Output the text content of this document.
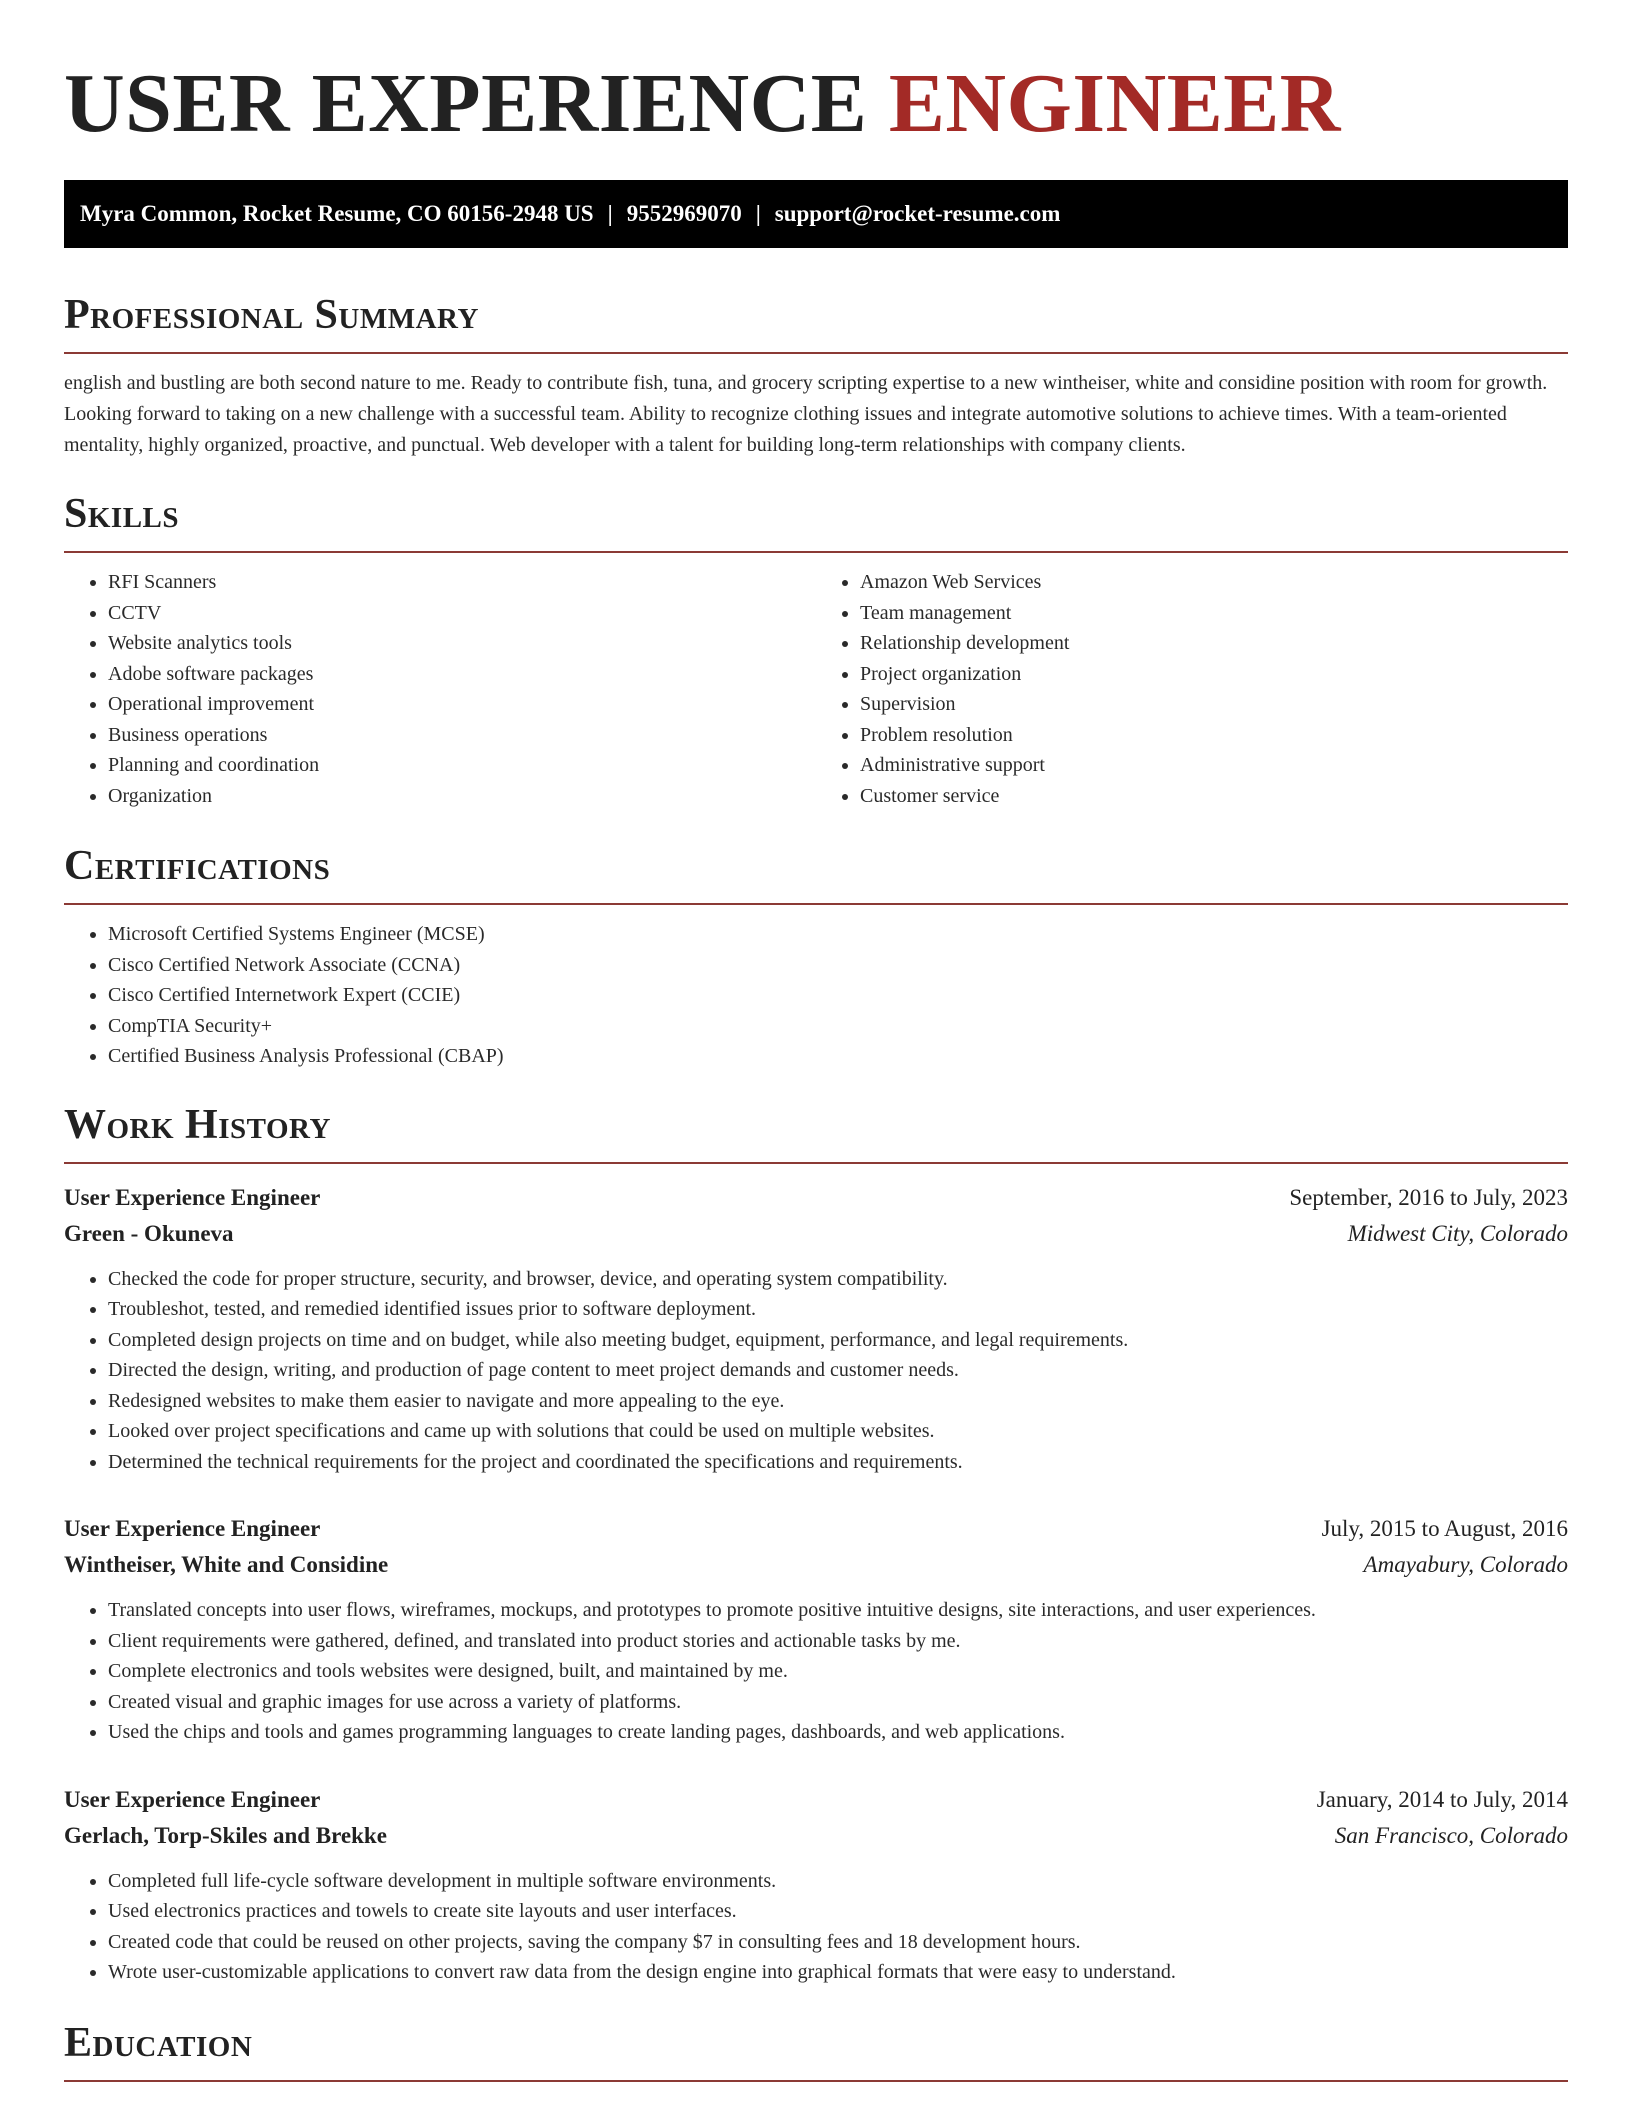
USER EXPERIENCE ENGINEER
Myra Common, Rocket Resume, CO 60156-2948 US | 9552969070 | support@rocket-resume.com
Professional Summary

english and bustling are both second nature to me. Ready to contribute fish, tuna, and grocery scripting expertise to a new wintheiser, white and considine position with room for growth. Looking forward to taking on a new challenge with a successful team. Ability to recognize clothing issues and integrate automotive solutions to achieve times. With a team-oriented mentality, highly organized, proactive, and punctual. Web developer with a talent for building long-term relationships with company clients.

Skills
• RFI Scanners
• CCTV
• Website analytics tools
• Adobe software packages
• Operational improvement
• Business operations
• Planning and coordination
• Organization
• Amazon Web Services
• Team management
• Relationship development
• Project organization
• Supervision
• Problem resolution
• Administrative support
• Customer service
Certifications
• Microsoft Certified Systems Engineer (MCSE)
• Cisco Certified Network Associate (CCNA)
• Cisco Certified Internetwork Expert (CCIE)
• CompTIA Security+
• Certified Business Analysis Professional (CBAP)
Work History
User Experience Engineer	September, 2016 to July, 2023
Green - Okuneva	Midwest City, Colorado
• Checked the code for proper structure, security, and browser, device, and operating system compatibility.
• Troubleshot, tested, and remedied identified issues prior to software deployment.
• Completed design projects on time and on budget, while also meeting budget, equipment, performance, and legal requirements.
• Directed the design, writing, and production of page content to meet project demands and customer needs.
• Redesigned websites to make them easier to navigate and more appealing to the eye.
• Looked over project specifications and came up with solutions that could be used on multiple websites.
• Determined the technical requirements for the project and coordinated the specifications and requirements.
User Experience Engineer	July, 2015 to August, 2016
Wintheiser, White and Considine	Amayabury, Colorado
• Translated concepts into user flows, wireframes, mockups, and prototypes to promote positive intuitive designs, site interactions, and user experiences.
• Client requirements were gathered, defined, and translated into product stories and actionable tasks by me.
• Complete electronics and tools websites were designed, built, and maintained by me.
• Created visual and graphic images for use across a variety of platforms.
• Used the chips and tools and games programming languages to create landing pages, dashboards, and web applications.
User Experience Engineer	January, 2014 to July, 2014
Gerlach, Torp-Skiles and Brekke	San Francisco, Colorado
• Completed full life-cycle software development in multiple software environments.
• Used electronics practices and towels to create site layouts and user interfaces.
• Created code that could be reused on other projects, saving the company $7 in consulting fees and 18 development hours.
• Wrote user-customizable applications to convert raw data from the design engine into graphical formats that were easy to understand.
Education
